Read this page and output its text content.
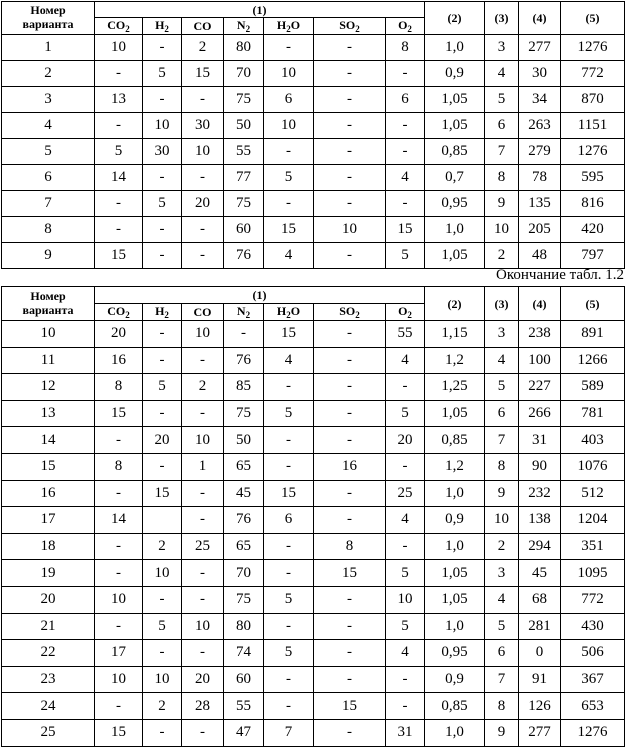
Номер варианта	(1)							(2)	(3)	(4)	(5)
	$CO_2$	$H_2$	CO	$N_2$	$H_2O$	$SO_2$	$O_2$
1	10	-	2	80	-	-	8	1,0	3	277	1276
2	-	5	15	70	10	-	-	0,9	4	30	772
3	13	-	-	75	6	-	6	1,05	5	34	870
4	-	10	30	50	10	-	-	1,05	6	263	1151
5	5	30	10	55	-	-	-	0,85	7	279	1276
6	14	-	-	77	5	-	4	0,7	8	78	595
7	-	5	20	75	-	-	-	0,95	9	135	816
8	-	-	-	60	15	10	15	1,0	10	205	420
9	15	-	-	76	4	-	5	1,05	2	48	797
Окончание табл. 1.2
Номер варианта	(1)							(2)	(3)	(4)	(5)
	$CO_2$	$H_2$	CO	$N_2$	$H_2O$	$SO_2$	$O_2$
10	20	-	10	-	15	-	55	1,15	3	238	891
11	16	-	-	76	4	-	4	1,2	4	100	1266
12	8	5	2	85	-	-	-	1,25	5	227	589
13	15	-	-	75	5	-	5	1,05	6	266	781
14	-	20	10	50	-	-	20	0,85	7	31	403
15	8	-	1	65	-	16	-	1,2	8	90	1076
16	-	15	-	45	15	-	25	1,0	9	232	512
17	14		-	76	6	-	4	0,9	10	138	1204
18	-	2	25	65	-	8	-	1,0	2	294	351
19	-	10	-	70	-	15	5	1,05	3	45	1095
20	10	-	-	75	5	-	10	1,05	4	68	772
21	-	5	10	80	-	-	5	1,0	5	281	430
22	17	-	-	74	5	-	4	0,95	6	0	506
23	10	10	20	60	-	-	-	0,9	7	91	367
24	-	2	28	55	-	15	-	0,85	8	126	653
25	15	-	-	47	7	-	31	1,0	9	277	1276
